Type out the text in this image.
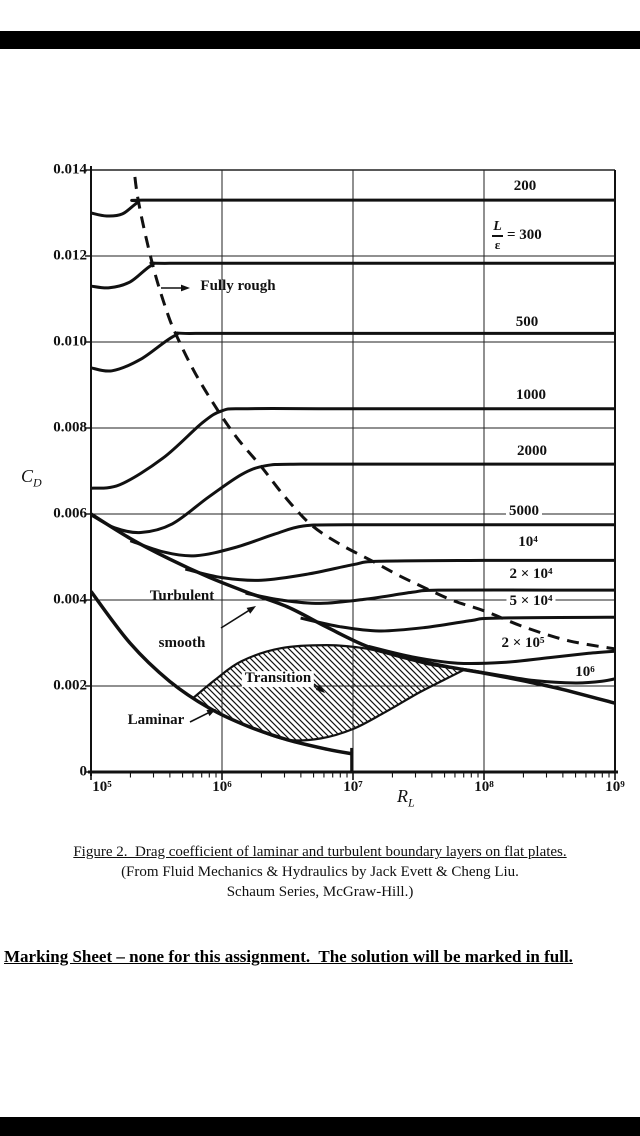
$C_D$
$R_L$
$\frac{L}{\varepsilon} = 300$
Fully rough

Turbulent

smooth

Transition
Laminar
0.014
0.012
0.010
0.008
0.006
0.004
0.002
0
10⁵	10⁶	10⁷	10⁸	10⁹
200
500
1000
2000
5000
10⁴
2 × 10⁴
5 × 10⁴
2 × 10⁵
10⁶
Figure 2.  Drag coefficient of laminar and turbulent boundary layers on flat plates.
(From Fluid Mechanics & Hydraulics by Jack Evett & Cheng Liu.
Schaum Series, McGraw-Hill.)
Marking Sheet – none for this assignment.  The solution will be marked in full.
